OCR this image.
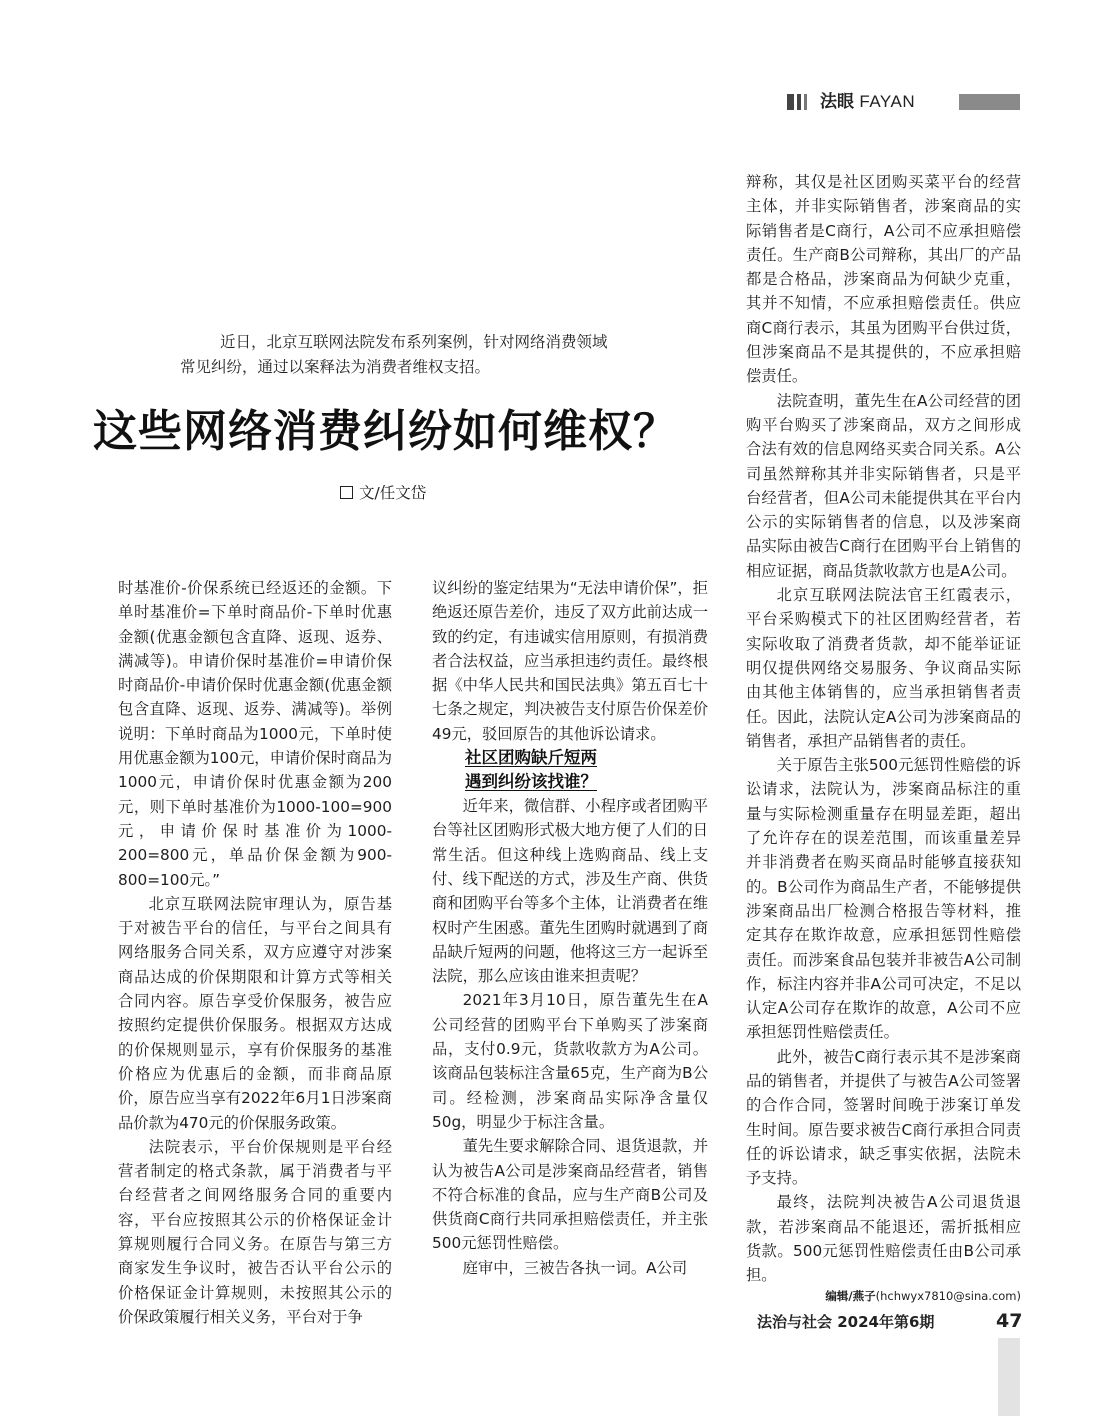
法眼 FAYAN

近日，北京互联网法院发布系列案例，针对网络消费领域常见纠纷，通过以案释法为消费者维权支招。

这些网络消费纠纷如何维权？
文/任文岱

时基准价-价保系统已经返还的金额。下单时基准价=下单时商品价-下单时优惠金额(优惠金额包含直降、返现、返券、满减等)。申请价保时基准价=申请价保时商品价-申请价保时优惠金额(优惠金额包含直降、返现、返券、满减等)。举例说明：下单时商品为1000元，下单时使用优惠金额为100元，申请价保时商品为1000元，申请价保时优惠金额为200元，则下单时基准价为1000-100=900元，申请价保时基准价为1000-200=800元，单品价保金额为900-800=100元。”

北京互联网法院审理认为，原告基于对被告平台的信任，与平台之间具有网络服务合同关系，双方应遵守对涉案商品达成的价保期限和计算方式等相关合同内容。原告享受价保服务，被告应按照约定提供价保服务。根据双方达成的价保规则显示，享有价保服务的基准价格应为优惠后的金额，而非商品原价，原告应当享有2022年6月1日涉案商品价款为470元的价保服务政策。

法院表示，平台价保规则是平台经营者制定的格式条款，属于消费者与平台经营者之间网络服务合同的重要内容，平台应按照其公示的价格保证金计算规则履行合同义务。在原告与第三方商家发生争议时，被告否认平台公示的价格保证金计算规则，未按照其公示的价保政策履行相关义务，平台对于争

议纠纷的鉴定结果为“无法申请价保”，拒绝返还原告差价，违反了双方此前达成一致的约定，有违诚实信用原则，有损消费者合法权益，应当承担违约责任。最终根据《中华人民共和国民法典》第五百七十七条之规定，判决被告支付原告价保差价49元，驳回原告的其他诉讼请求。

社区团购缺斤短两

遇到纠纷该找谁？

近年来，微信群、小程序或者团购平台等社区团购形式极大地方便了人们的日常生活。但这种线上选购商品、线上支付、线下配送的方式，涉及生产商、供货商和团购平台等多个主体，让消费者在维权时产生困惑。董先生团购时就遇到了商品缺斤短两的问题，他将这三方一起诉至法院，那么应该由谁来担责呢？

2021年3月10日，原告董先生在A公司经营的团购平台下单购买了涉案商品，支付0.9元，货款收款方为A公司。该商品包装标注含量65克，生产商为B公司。经检测，涉案商品实际净含量仅50g，明显少于标注含量。

董先生要求解除合同、退货退款，并认为被告A公司是涉案商品经营者，销售不符合标准的食品，应与生产商B公司及供货商C商行共同承担赔偿责任，并主张500元惩罚性赔偿。

庭审中，三被告各执一词。A公司

辩称，其仅是社区团购买菜平台的经营主体，并非实际销售者，涉案商品的实际销售者是C商行，A公司不应承担赔偿责任。生产商B公司辩称，其出厂的产品都是合格品，涉案商品为何缺少克重，其并不知情，不应承担赔偿责任。供应商C商行表示，其虽为团购平台供过货，但涉案商品不是其提供的，不应承担赔偿责任。

法院查明，董先生在A公司经营的团购平台购买了涉案商品，双方之间形成合法有效的信息网络买卖合同关系。A公司虽然辩称其并非实际销售者，只是平台经营者，但A公司未能提供其在平台内公示的实际销售者的信息，以及涉案商品实际由被告C商行在团购平台上销售的相应证据，商品货款收款方也是A公司。

北京互联网法院法官王红霞表示，平台采购模式下的社区团购经营者，若实际收取了消费者货款，却不能举证证明仅提供网络交易服务、争议商品实际由其他主体销售的，应当承担销售者责任。因此，法院认定A公司为涉案商品的销售者，承担产品销售者的责任。

关于原告主张500元惩罚性赔偿的诉讼请求，法院认为，涉案商品标注的重量与实际检测重量存在明显差距，超出了允许存在的误差范围，而该重量差异并非消费者在购买商品时能够直接获知的。B公司作为商品生产者，不能够提供涉案商品出厂检测合格报告等材料，推定其存在欺诈故意，应承担惩罚性赔偿责任。而涉案食品包装并非被告A公司制作，标注内容并非A公司可决定，不足以认定A公司存在欺诈的故意，A公司不应承担惩罚性赔偿责任。

此外，被告C商行表示其不是涉案商品的销售者，并提供了与被告A公司签署的合作合同，签署时间晚于涉案订单发生时间。原告要求被告C商行承担合同责任的诉讼请求，缺乏事实依据，法院未予支持。

最终，法院判决被告A公司退货退款，若涉案商品不能退还，需折抵相应货款。500元惩罚性赔偿责任由B公司承担。

编辑/燕子(hchwyx7810@sina.com)
法治与社会 2024年第6期	47
